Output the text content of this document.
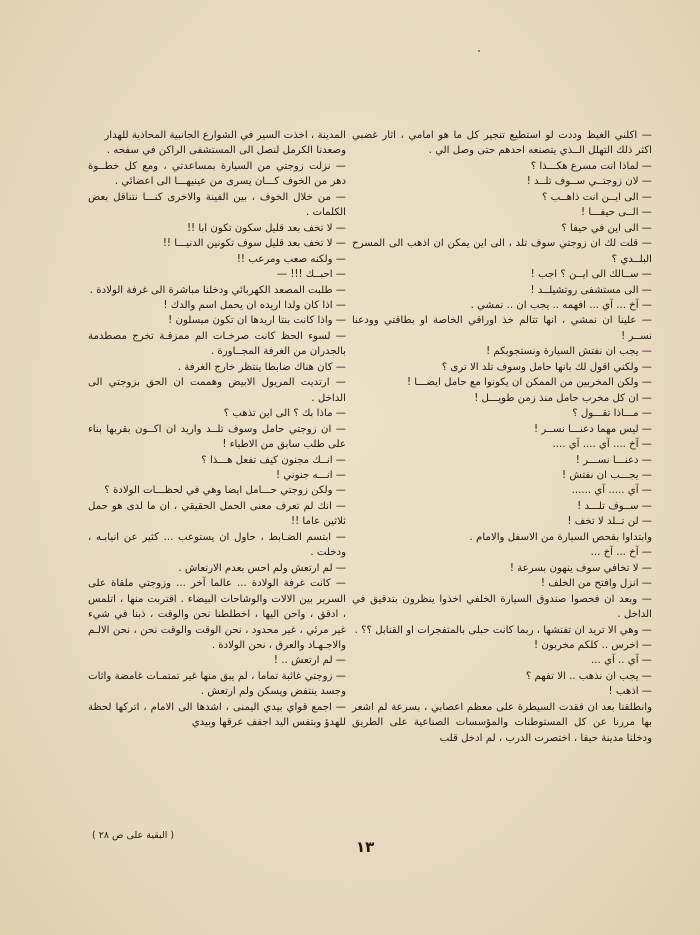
— اكلني الغيظ وددت لو استطيع تنجير كل ما هو امامي ، اثار غضبي اكثر ذلك التهلل الــذي يتصنعه احدهم حتى وصل الي .

— لماذا انت مسرع هكـــذا ؟

— لان زوجتــي ســوف تلــد !

— الى ايــن انت ذاهــب ؟

— الــى حيفـــا !

— الى اين في حيفا ؟

— قلت لك ان زوجتي سوف تلد ، الى اين يمكن ان اذهب الى المسرح البلــدي ؟

— ســالك الى ايــن ؟ اجب !

— الى مستشفى روتشيلــد !

— آخ ... آي ... افهمه .. يجب ان .. نمشي .

— علينا ان نمشي ، انها تتالم خذ اوراقي الخاصة او بطاقتي وودعنا نســر !

— يجب ان نفتش السيارة ونستجوبكم !

— ولكني اقول لك بانها حامل وسوف تلد الا ترى ؟

— ولكن المخربين من الممكن ان يكونوا مع حامل ايضـــا !

— ان كل مخرب حامل منذ زمن طويـــل !

— مـــاذا تقـــول ؟

— ليس مهما دعنـــا نســر !

— آخ .... آي .... آي ....

— دعنـــا نســـر !

— يجـــب ان نفتش !

— آي ..... آي ......

— ســوف تلـــد !

— لن تــلد لا تخف !

وابتداوا بفحص السيارة من الاسفل والامام .

— آخ ... آخ ...

— لا تخافي سوف ينهون بسرعة !

— انزل وافتح من الخلف !

— وبعد ان فحصوا صندوق السيارة الخلفي اخذوا ينظرون بتدقيق في الداخل .

— وهي الا تريد ان تفتشها ، ربما كانت حبلى بالمتفجرات او القنابل ؟؟ .

— اخرس .. كلكم مخربون !

— آي .. آي ...

— يجب ان نذهب .. الا تفهم ؟

— اذهب !

وانطلقنا بعد ان فقدت السيطرة على معظم اعصابي ، بسرعة لم اشعر بها مررنا عن كل المستوطنات والمؤسسات الصناعية على الطريق ودخلنا مدينة حيفا ، اختصرت الدرب ، لم ادخل قلب

المدينة ، اخذت السير في الشوارع الجانبية المحاذية للهدار وصعدنا الكرمل لنصل الى المستشفى الراكن في سفحه .

— نزلت زوجتي من السيارة بمساعدتي ، ومع كل خطــوة دهر من الخوف كـــان يسرى من عينيهـــا الى اعضائي .

— من خلال الخوف ، بين الفينة والاخرى كنـــا نتناقل بعض الكلمات .

— لا تخف بعد قليل سكون تكون ابا !!

— لا تخف بعد قليل سوف تكونين الدنيـــا !!

— ولكنه صعب ومرعب !!

— احبــك !!! —

— طلبت المصعد الكهربائي ودخلنا مباشرة الى غرفة الولادة .

— اذا كان ولدا اريده ان يحمل اسم والدك !

— واذا كانت بنتا اريدها ان تكون ميسلون !

— لسوء الحظ كانت صرخـات الم ممزقـة تخرج مصطدمة بالجدران من الغرفة المجــاورة .

— كان هناك ضابطا ينتظر خارج الغرفة .

— ارتديت المريول الابيض وهممت ان الحق بزوجتي الى الداخل .

— ماذا بك ؟ الى اين تذهب ؟

— ان زوجتي حامل وسوف تلــد واريد ان اكــون بقربها بناء على طلب سابق من الاطباء !

— انــك مجنون كيف تفعل هـــذا ؟

— انـــه جنوني !

— ولكن زوجتي حـــامل ايضا وهي في لحظـــات الولادة ؟

— انك لم تعرف معنى الحمل الحقيقي ، ان ما لدى هو حمل ثلاثين عاما !!

— ابتسم الضـابط ، حاول ان يستوعب ... كثير عن انيابـه ، ودخلت .

— لم ارتعش ولم احس بعدم الارتعاش .

— كانت غرفة الولادة ... عالما آخر ... وزوجتي ملقاة على السرير بين الالات والوشاحات البيضاء . اقتربت منها ، اتلمس ، ادقق ، واحن اليها ، اخطلطنا نحن والوقت ، ذبنا في شيء غير مرئي ، غير محدود ، نحن الوقت والوقت نحن ، نحن الالـم والاجـهـاد والعرق ، نحن الولادة .

— لم ارتعش .. !

— زوجتي غائبة تماما ، لم يبق منها غير تمتمـات غامضة واثات وجسد ينتفض ويسكن ولم ارتعش .

— اجمع قواي بيدي اليمنى ، اشدها الى الامام ، اتركها لحظة للهدؤ وبتفس اليد اجفف عرقها وبيدي

( البقية على ص ٢٨ )
١٣
